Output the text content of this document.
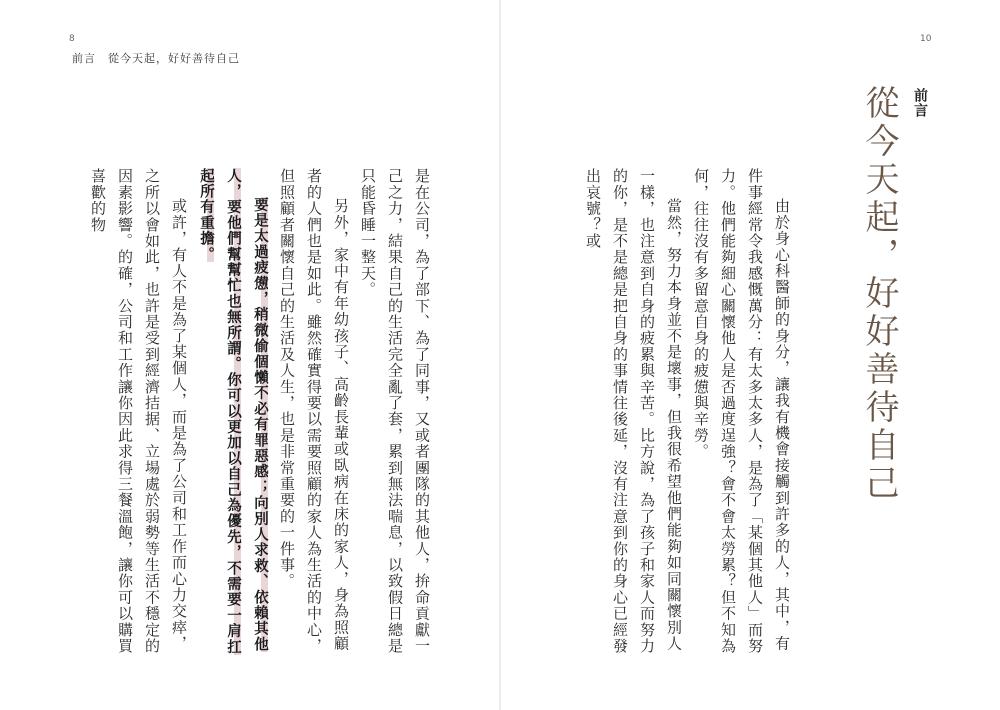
10
前言
從今天起，好好善待自己

由於身心科醫師的身分，讓我有機會接觸到許多的人，其中，有件事經常令我感慨萬分：有太多太多人，是為了「某個其他人」而努力。他們能夠細心關懷他人是否過度逞強？會不會太勞累？但不知為何，往往沒有多留意自身的疲憊與辛勞。

當然，努力本身並不是壞事，但我很希望他們能夠如同關懷別人一樣，也注意到自身的疲累與辛苦。比方說，為了孩子和家人而努力的你，是不是總是把自身的事情往後延，沒有注意到你的身心已經發出哀號？或

8
前言　從今天起，好好善待自己

是在公司，為了部下、為了同事，又或者團隊的其他人，拚命貢獻一己之力，結果自己的生活完全亂了套，累到無法喘息，以致假日總是只能昏睡一整天。

另外，家中有年幼孩子、高齡長輩或臥病在床的家人，身為照顧者的人們也是如此。雖然確實得要以需要照顧的家人為生活的中心，但照顧者關懷自己的生活及人生，也是非常重要的一件事。

要是太過疲憊，稍微偷個懶不必有罪惡感；向別人求救、依賴其他人，要他們幫幫忙也無所謂。你可以更加以自己為優先，不需要一肩扛起所有重擔。

或許，有人不是為了某個人，而是為了公司和工作而心力交瘁，之所以會如此，也許是受到經濟拮据、立場處於弱勢等生活不穩定的因素影響。的確，公司和工作讓你因此求得三餐溫飽，讓你可以購買喜歡的物
